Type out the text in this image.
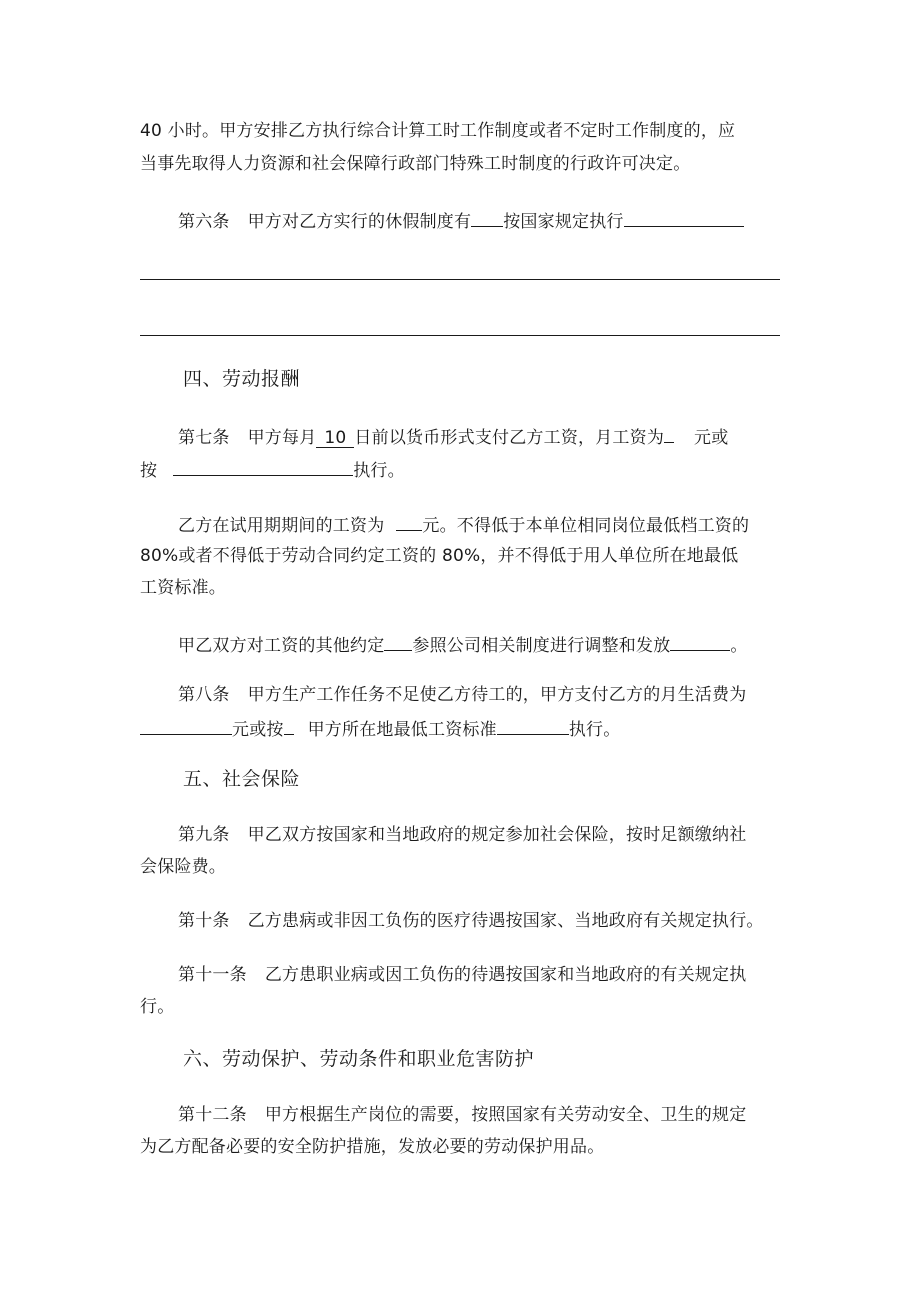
40 小时。甲方安排乙方执行综合计算工时工作制度或者不定时工作制度的，应
当事先取得人力资源和社会保障行政部门特殊工时制度的行政许可决定。
第六条 甲方对乙方实行的休假制度有 按国家规定执行
四、劳动报酬
第七条 甲方每月 10 日前以货币形式支付乙方工资，月工资为 元或
按	执行。
乙方在试用期期间的工资为 元。不得低于本单位相同岗位最低档工资的
80%或者不得低于劳动合同约定工资的 80%，并不得低于用人单位所在地最低
工资标准。
甲乙双方对工资的其他约定 参照公司相关制度进行调整和发放	。
第八条 甲方生产工作任务不足使乙方待工的，甲方支付乙方的月生活费为
元或按 甲方所在地最低工资标准	执行。
五、社会保险
第九条 甲乙双方按国家和当地政府的规定参加社会保险，按时足额缴纳社
会保险费。
第十条 乙方患病或非因工负伤的医疗待遇按国家、当地政府有关规定执行。
第十一条 乙方患职业病或因工负伤的待遇按国家和当地政府的有关规定执
行。
六、劳动保护、劳动条件和职业危害防护
第十二条 甲方根据生产岗位的需要，按照国家有关劳动安全、卫生的规定
为乙方配备必要的安全防护措施，发放必要的劳动保护用品。
